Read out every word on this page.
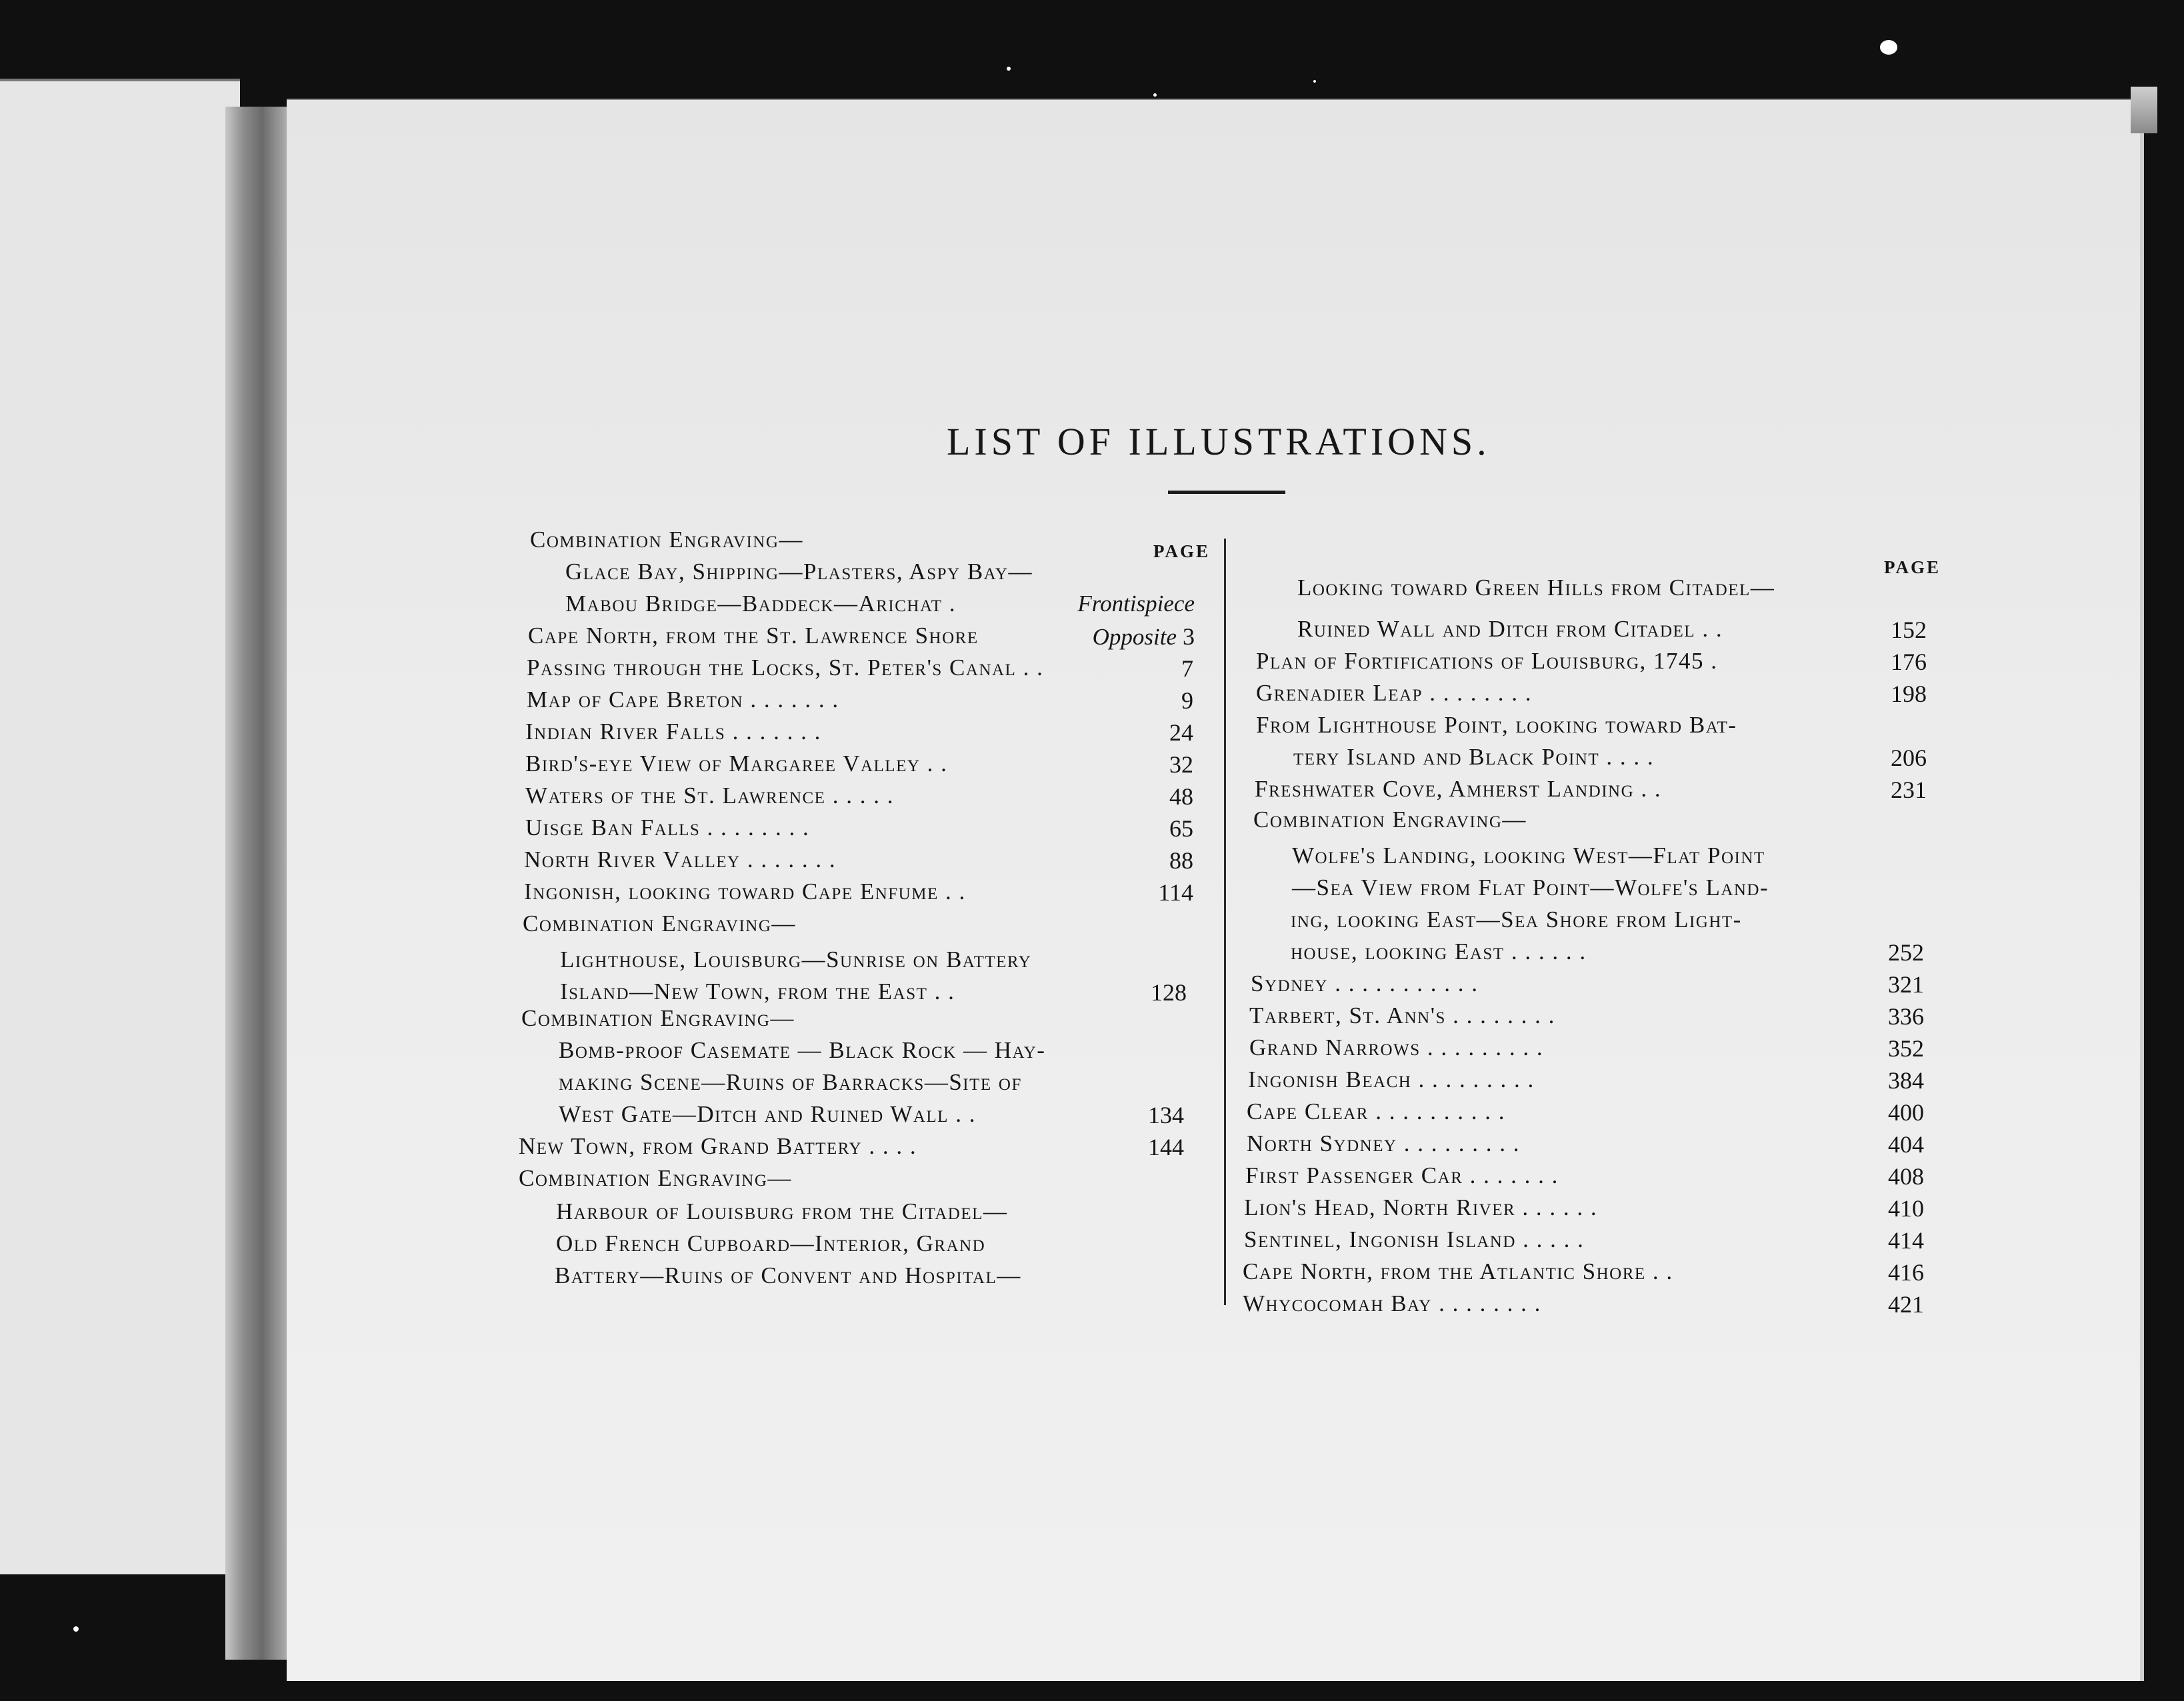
LIST OF ILLUSTRATIONS.
PAGE
Combination Engraving—
Glace Bay, Shipping—Plasters, Aspy Bay—
Mabou Bridge—Baddeck—Arichat .	Frontispiece
Cape North, from the St. Lawrence Shore	Opposite 3
Passing through the Locks, St. Peter's Canal . .	7
Map of Cape Breton . . . . . . .	9
Indian River Falls . . . . . . .	24
Bird's-eye View of Margaree Valley . .	32
Waters of the St. Lawrence . . . . .	48
Uisge Ban Falls . . . . . . . .	65
North River Valley . . . . . . .	88
Ingonish, looking toward Cape Enfume . .	114
Combination Engraving—
Lighthouse, Louisburg—Sunrise on Battery
Island—New Town, from the East . .	128
Combination Engraving—
Bomb-proof Casemate — Black Rock — Hay-
making Scene—Ruins of Barracks—Site of
West Gate—Ditch and Ruined Wall . .	134
New Town, from Grand Battery . . . .	144
Combination Engraving—
Harbour of Louisburg from the Citadel—
Old French Cupboard—Interior, Grand
Battery—Ruins of Convent and Hospital—
PAGE
Looking toward Green Hills from Citadel—
Ruined Wall and Ditch from Citadel . .	152
Plan of Fortifications of Louisburg, 1745 .	176
Grenadier Leap . . . . . . . .	198
From Lighthouse Point, looking toward Bat-
tery Island and Black Point . . . .	206
Freshwater Cove, Amherst Landing . .	231
Combination Engraving—
Wolfe's Landing, looking West—Flat Point
—Sea View from Flat Point—Wolfe's Land-
ing, looking East—Sea Shore from Light-
house, looking East . . . . . .	252
Sydney . . . . . . . . . . .	321
Tarbert, St. Ann's . . . . . . . .	336
Grand Narrows . . . . . . . . .	352
Ingonish Beach . . . . . . . . .	384
Cape Clear . . . . . . . . . .	400
North Sydney . . . . . . . . .	404
First Passenger Car . . . . . . .	408
Lion's Head, North River . . . . . .	410
Sentinel, Ingonish Island . . . . .	414
Cape North, from the Atlantic Shore . .	416
Whycocomah Bay . . . . . . . .	421
